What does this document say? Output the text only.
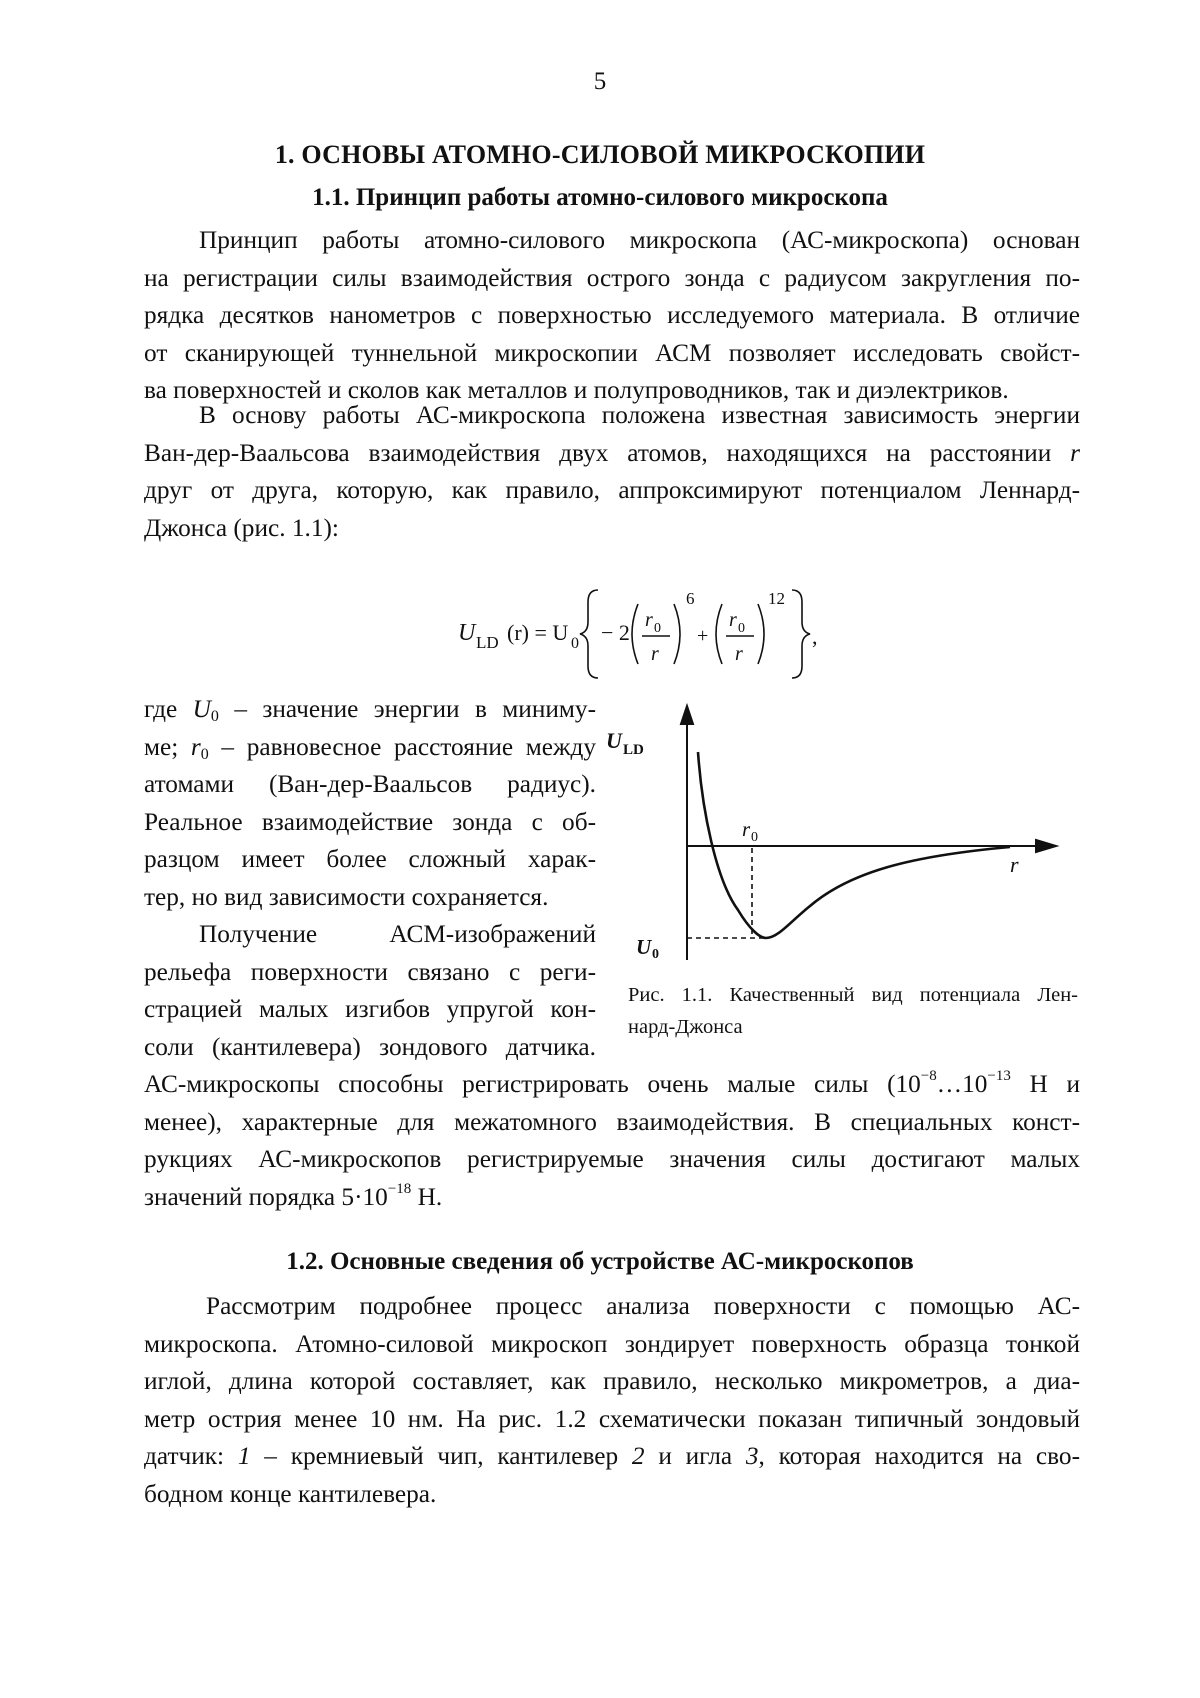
5
1. ОСНОВЫ АТОМНО-СИЛОВОЙ МИКРОСКОПИИ
1.1. Принцип работы атомно-силового микроскопа
Принцип работы атомно-силового микроскопа (АС-микроскопа) основан
на регистрации силы взаимодействия острого зонда с радиусом закругления по-
рядка десятков нанометров с поверхностью исследуемого материала. В отличие
от сканирующей туннельной микроскопии АСМ позволяет исследовать свойст-
ва поверхностей и сколов как металлов и полупроводников, так и диэлектриков.
В основу работы АС-микроскопа положена известная зависимость энергии
Ван-дер-Ваальсова взаимодействия двух атомов, находящихся на расстоянии r
друг от друга, которую, как правило, аппроксимируют потенциалом Леннард-
Джонса (рис. 1.1):
U LD (r) = U 0 − 2 r 0
r
6
+
r 0
r
12
,
где $U_0$ – значение энергии в миниму-
ме; $r_0$ – равновесное расстояние между
атомами (Ван-дер-Ваальсов радиус).
Реальное взаимодействие зонда с об-
разцом имеет более сложный харак-
тер, но вид зависимости сохраняется.
Получение АСМ-изображений
рельефа поверхности связано с реги-
страцией малых изгибов упругой кон-
соли (кантилевера) зондового датчика.
АС-микроскопы способны регистрировать очень малые силы ($10^{-8}\dots 10^{-13}$ Н и
менее), характерные для межатомного взаимодействия. В специальных конст-
рукциях АС-микроскопов регистрируемые значения силы достигают малых
значений порядка $5\cdot 10^{-18}$ Н.
U LD
r
r 0
U 0
Рис. 1.1. Качественный вид потенциала Лен-
нард-Джонса
1.2. Основные сведения об устройстве АС-микроскопов
Рассмотрим подробнее процесс анализа поверхности с помощью АС-
микроскопа. Атомно-силовой микроскоп зондирует поверхность образца тонкой
иглой, длина которой составляет, как правило, несколько микрометров, а диа-
метр острия менее 10 нм. На рис. 1.2 схематически показан типичный зондовый
датчик: 1 – кремниевый чип, кантилевер 2 и игла 3, которая находится на сво-
бодном конце кантилевера.
